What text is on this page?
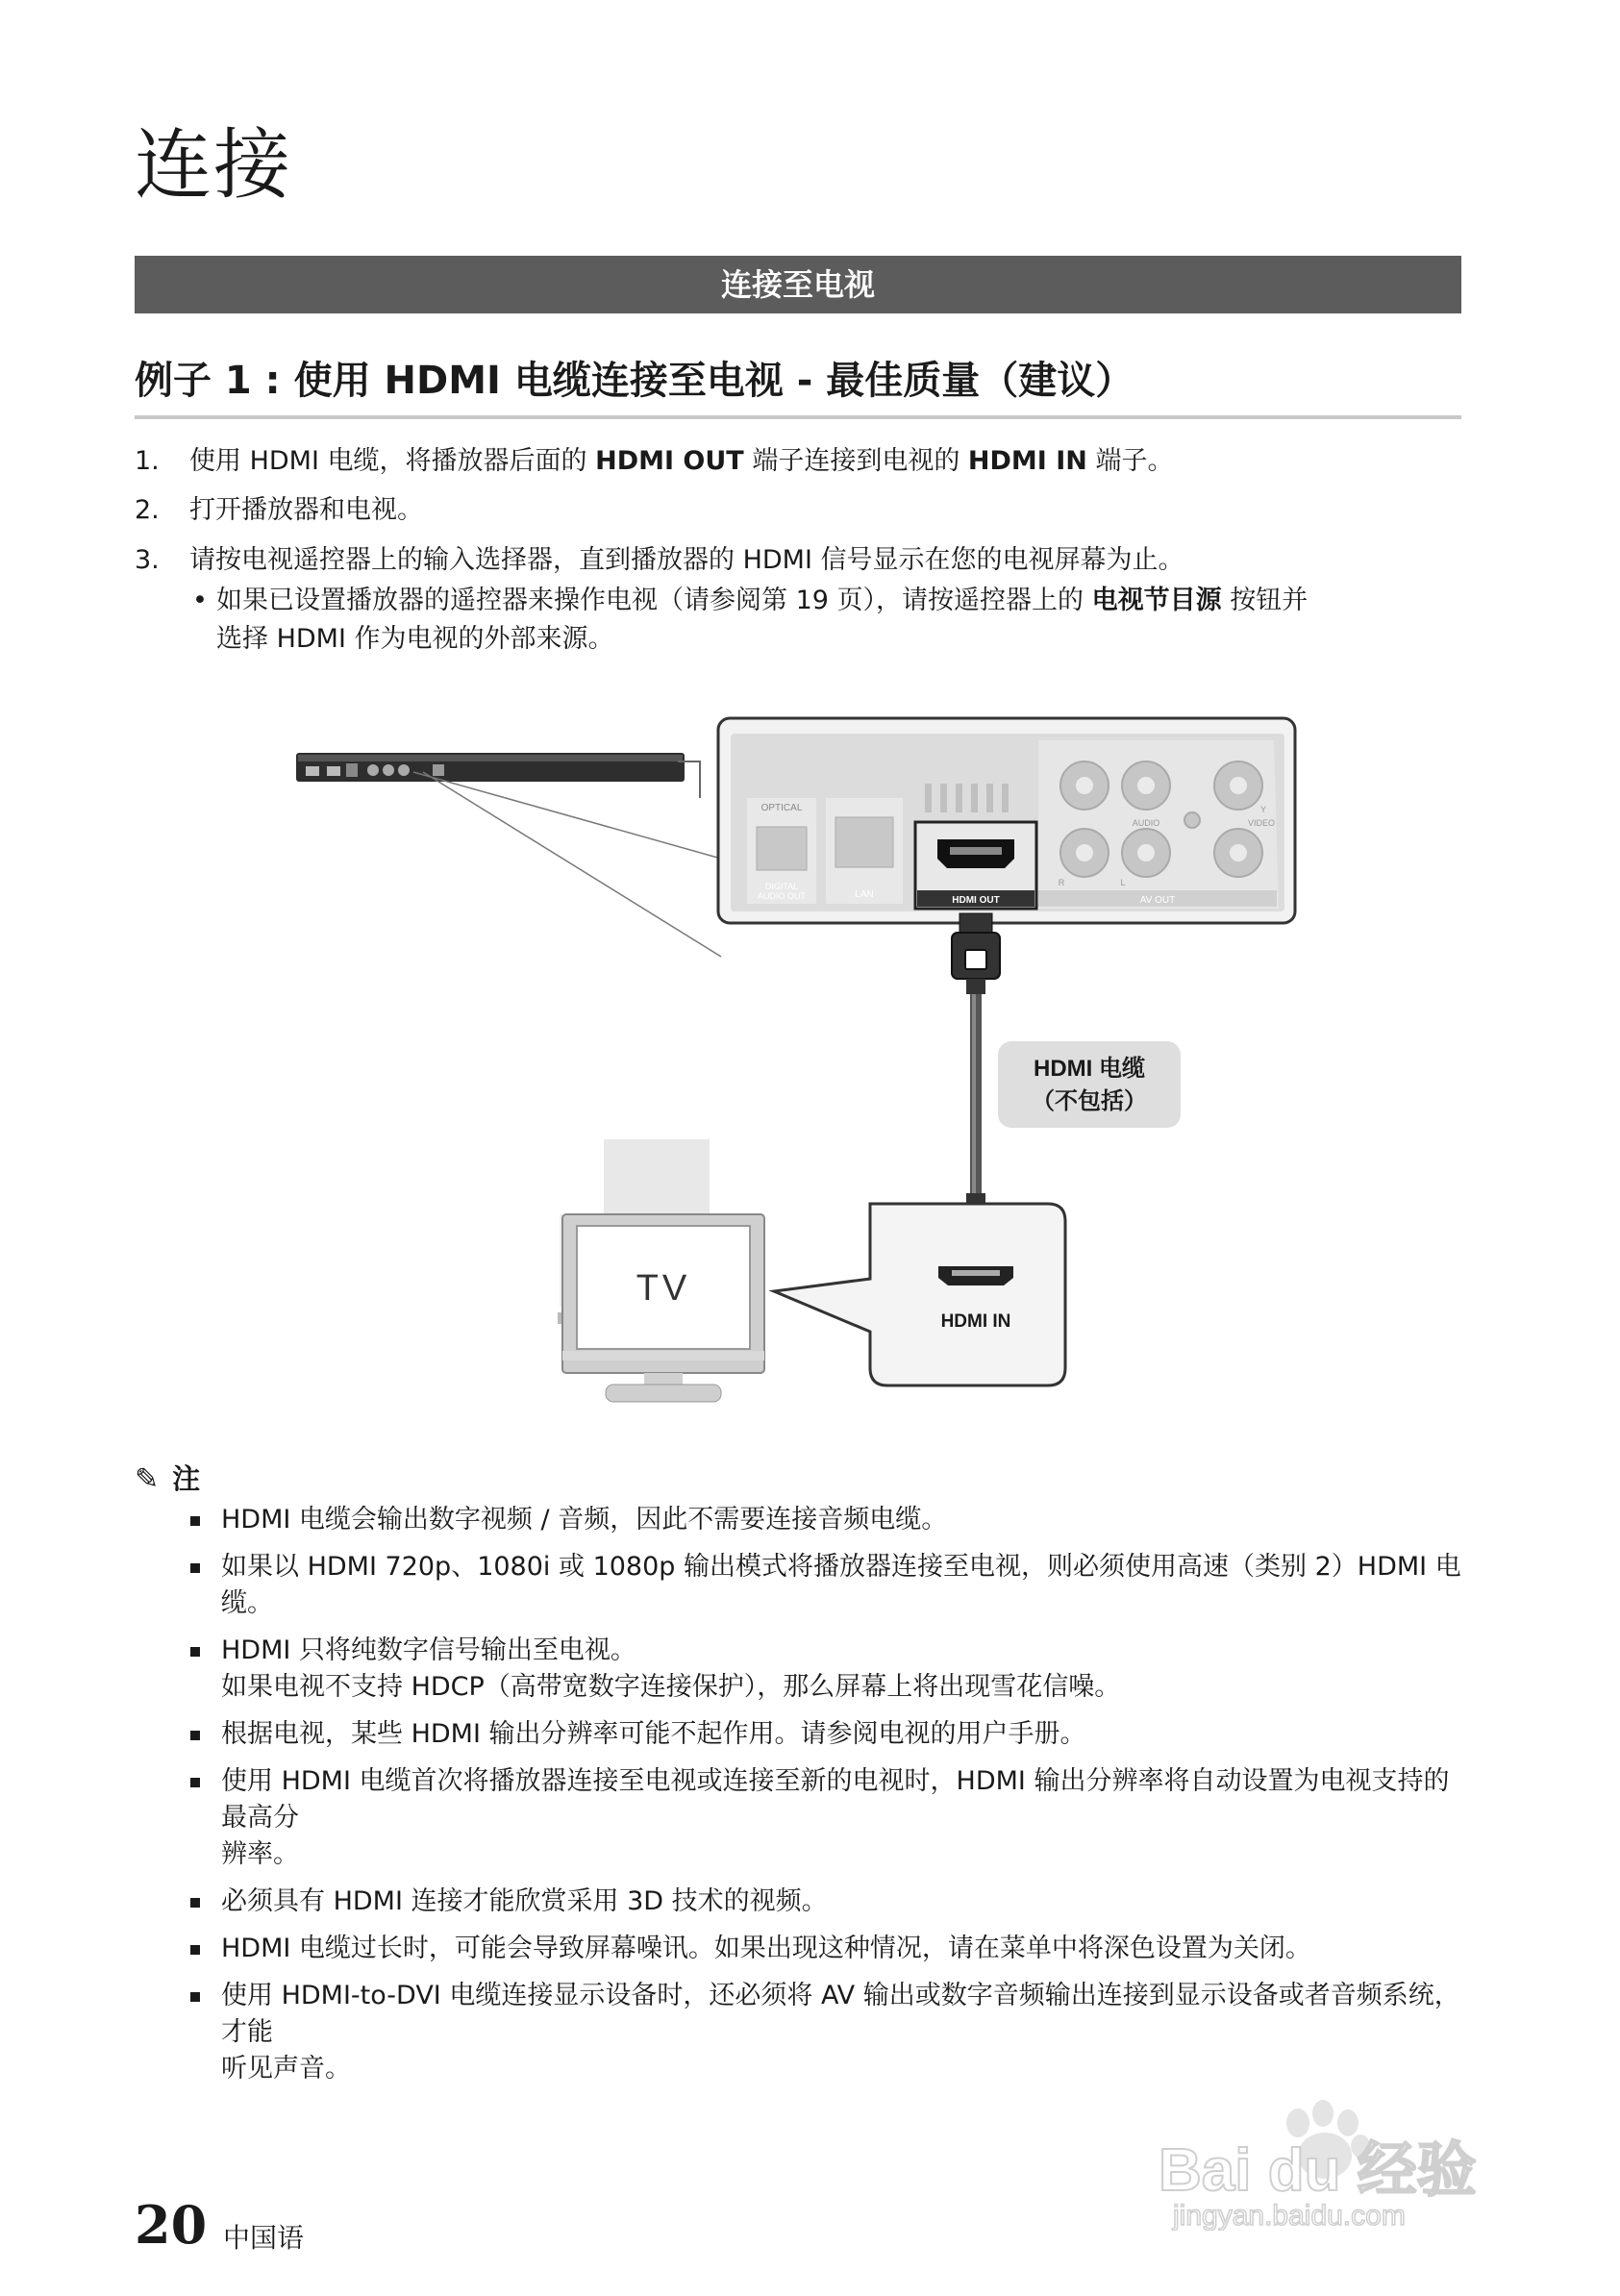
连接
连接至电视
例子 1 : 使用 HDMI 电缆连接至电视 - 最佳质量（建议）
1.	使用 HDMI 电缆，将播放器后面的 HDMI OUT 端子连接到电视的 HDMI IN 端子。
2.	打开播放器和电视。
3.	请按电视遥控器上的输入选择器，直到播放器的 HDMI 信号显示在您的电视屏幕为止。
• 如果已设置播放器的遥控器来操作电视（请参阅第 19 页），请按遥控器上的 电视节目源 按钮并
选择 HDMI 作为电视的外部来源。
OPTICAL
DIGITAL
AUDIO OUT	LAN
HDMI OUT
AUDIO	VIDEO
Y
R	L
AV OUT
HDMI 电缆
（不包括）
TV
HDMI IN
✎ 注
HDMI 电缆会输出数字视频 / 音频，因此不需要连接音频电缆。
如果以 HDMI 720p、1080i 或 1080p 输出模式将播放器连接至电视，则必须使用高速（类别 2）HDMI 电缆。
HDMI 只将纯数字信号输出至电视。
如果电视不支持 HDCP（高带宽数字连接保护），那么屏幕上将出现雪花信噪。
根据电视，某些 HDMI 输出分辨率可能不起作用。请参阅电视的用户手册。
使用 HDMI 电缆首次将播放器连接至电视或连接至新的电视时，HDMI 输出分辨率将自动设置为电视支持的最高分
辨率。
必须具有 HDMI 连接才能欣赏采用 3D 技术的视频。
HDMI 电缆过长时，可能会导致屏幕噪讯。如果出现这种情况，请在菜单中将深色设置为关闭。
使用 HDMI-to-DVI 电缆连接显示设备时，还必须将 AV 输出或数字音频输出连接到显示设备或者音频系统，才能
听见声音。
Bai du 经验
jingyan.baidu.com
20 中国语
